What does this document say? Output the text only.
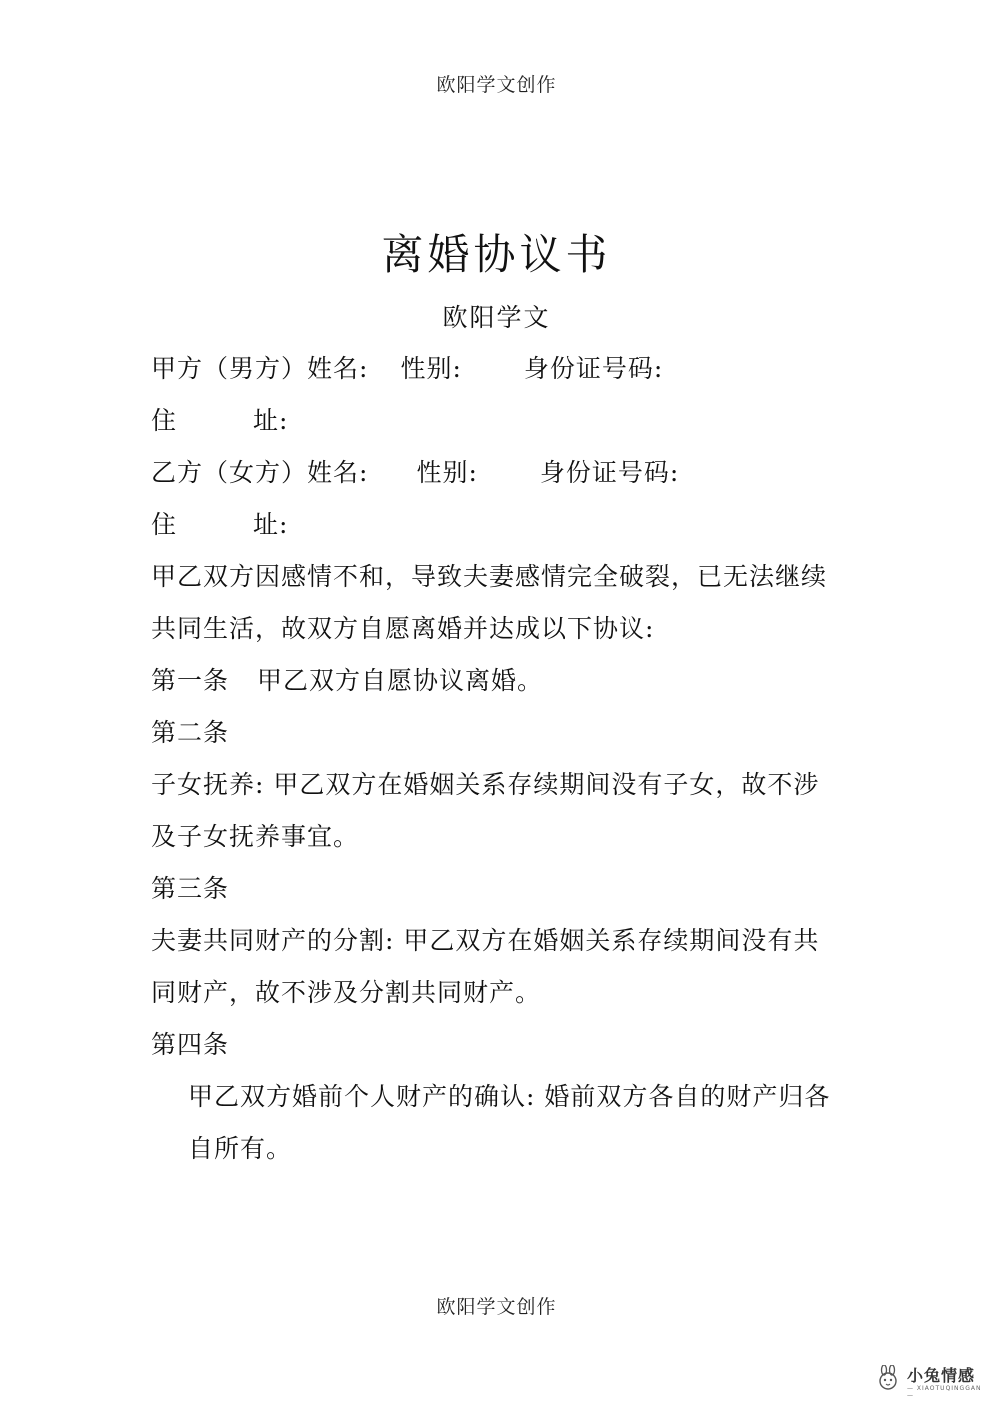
欧阳学文创作
离婚协议书
欧阳学文
甲方（男方）姓名: 性别: 身份证号码:
住	址:
乙方（女方）姓名: 性别: 身份证号码:
住	址:
甲乙双方因感情不和，导致夫妻感情完全破裂，已无法继续
共同生活，故双方自愿离婚并达成以下协议:
第一条 甲乙双方自愿协议离婚。
第二条
子女抚养: 甲乙双方在婚姻关系存续期间没有子女，故不涉
及子女抚养事宜。
第三条
夫妻共同财产的分割: 甲乙双方在婚姻关系存续期间没有共
同财产，故不涉及分割共同财产。
第四条
甲乙双方婚前个人财产的确认: 婚前双方各自的财产归各
自所有。
欧阳学文创作
小兔情感
— XIAOTUQINGGAN —
